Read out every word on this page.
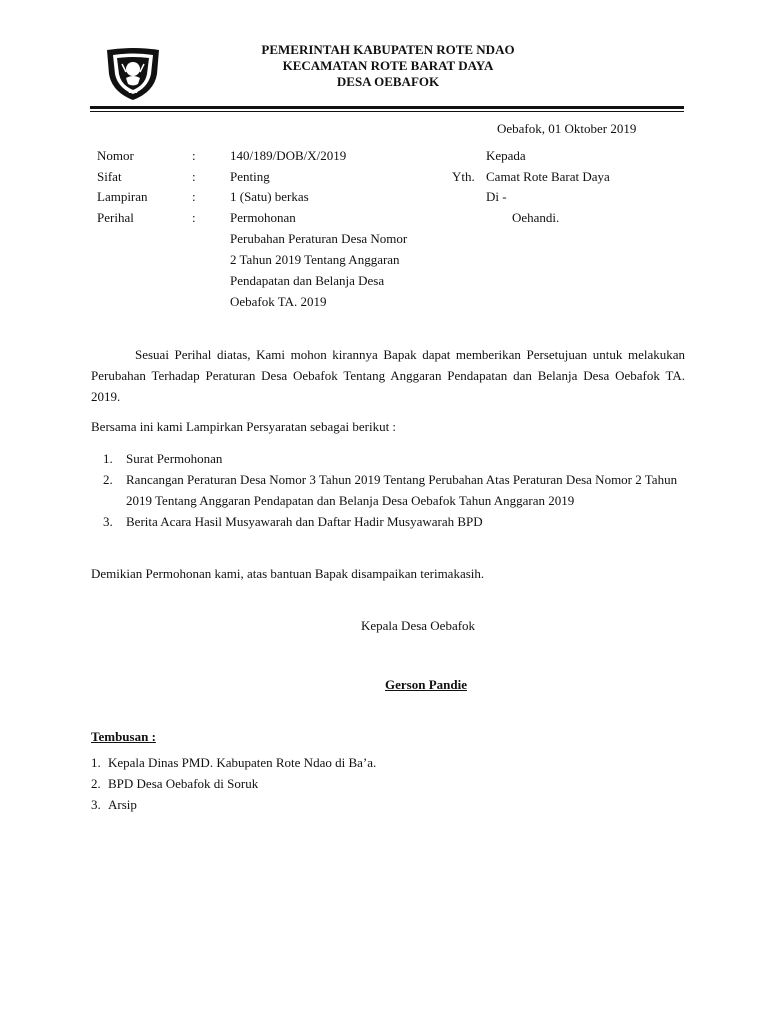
PEMERINTAH KABUPATEN ROTE NDAO
KECAMATAN ROTE BARAT DAYA
DESA OEBAFOK
Oebafok, 01 Oktober 2019
Nomor	:	140/189/DOB/X/2019
Sifat	:	Penting
Lampiran	:	1 (Satu) berkas
Perihal	:	Permohonan
Perubahan Peraturan Desa Nomor
2 Tahun 2019 Tentang Anggaran
Pendapatan dan Belanja Desa
Oebafok TA. 2019
Kepada
Yth. Camat Rote Barat Daya
Di -
Oehandi.
Sesuai Perihal diatas, Kami mohon kirannya Bapak dapat memberikan Persetujuan untuk melakukan Perubahan Terhadap Peraturan Desa Oebafok Tentang Anggaran Pendapatan dan Belanja Desa Oebafok TA. 2019.
Bersama ini kami Lampirkan Persyaratan sebagai berikut :
1.	Surat Permohonan
2.	Rancangan Peraturan Desa Nomor 3 Tahun 2019 Tentang Perubahan Atas Peraturan Desa Nomor 2 Tahun 2019 Tentang Anggaran Pendapatan dan Belanja Desa Oebafok Tahun Anggaran 2019
3.	Berita Acara Hasil Musyawarah dan Daftar Hadir Musyawarah BPD
Demikian Permohonan kami, atas bantuan Bapak disampaikan terimakasih.
Kepala Desa Oebafok
Gerson Pandie
Tembusan :
1. Kepala Dinas PMD. Kabupaten Rote Ndao di Ba’a.
2. BPD Desa Oebafok di Soruk
3. Arsip
